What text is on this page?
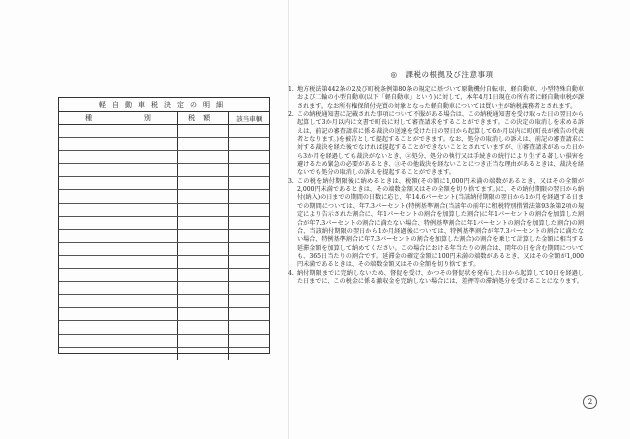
軽自動車税決定の明細
種	別	税額	該当車輌
◎　課税の根拠及び注意事項
1. 地方税法第442条の2及び町税条例第80条の規定に基づいて原動機付自転車、軽自動車、小型特殊自動車および二輪の小型自動車(以下「軽自動車」という)に対して、本年4月1日現在の所有者に軽自動車税が課されます。なお所有権保留付売買の対象となった軽自動車については買い主が納税義務者とされます。
2. この納税通知書に記載された事項について不服がある場合は、この納税通知書を受け取った日の翌日から起算して3か月以内に文書で町長に対して審査請求をすることができます。この決定の取消しを求める訴えは、前記の審査請求に係る裁決の送達を受けた日の翌日から起算して6か月以内に町(町長が被告の代表者となります。)を被告として提起することができます。なお、処分の取消しの訴えは、前記の審査請求に対する裁決を経た後でなければ提起することができないこととされていますが、①審査請求があった日から3か月を経過しても裁決がないとき、②処分、処分の執行又は手続きの続行により生ずる著しい損害を避けるため緊急の必要があるとき、③その他裁決を経ないことにつき正当な理由があるときは、裁決を経ないでも処分の取消しの訴えを提起することができます。
3. この税を納付期限後に納めるときは、税額(その額に1,000円未満の端数があるとき、又はその全額が2,000円未満であるときは、その端数金額又はその全額を切り捨てます。)に、その納付期限の翌日から納付(納入)の日までの期間の日数に応じ、年14.6パーセント(当該納付期限の翌日から1か月を経過する日までの期間については、年7.3パーセント(特例基準割合(当該年の前年に租税特別措置法第93条第2項の規定により告示された割合に、年1パーセントの割合を加算した割合)に年1パーセントの割合を加算した割合が年7.3パーセントの割合に満たない場合、特例基準割合に年1パーセントの割合を加算した割合)の割合、当該納付期限の翌日から1か月経過後については、特例基準割合が年7.3パーセントの割合に満たない場合、特例基準割合に年7.3パーセントの割合を加算した割合)の割合を乗じて計算した金額に相当する延滞金額を加算して納めてください。この場合における年当たりの割合は、閏年の日を含む期間についても、365日当たりの割合です。延滞金の確定金額に100円未満の端数があるとき、又はその全額が1,000円未満であるときは、その端数金額又はその全額を切り捨てます。
4. 納付期限までに完納しないため、督促を受け、かつその督促状を発布した日から起算して10日を経過した日までに、この税金に係る激収金を完納しない場合には、差押等の滞納処分を受けることになります。
2
